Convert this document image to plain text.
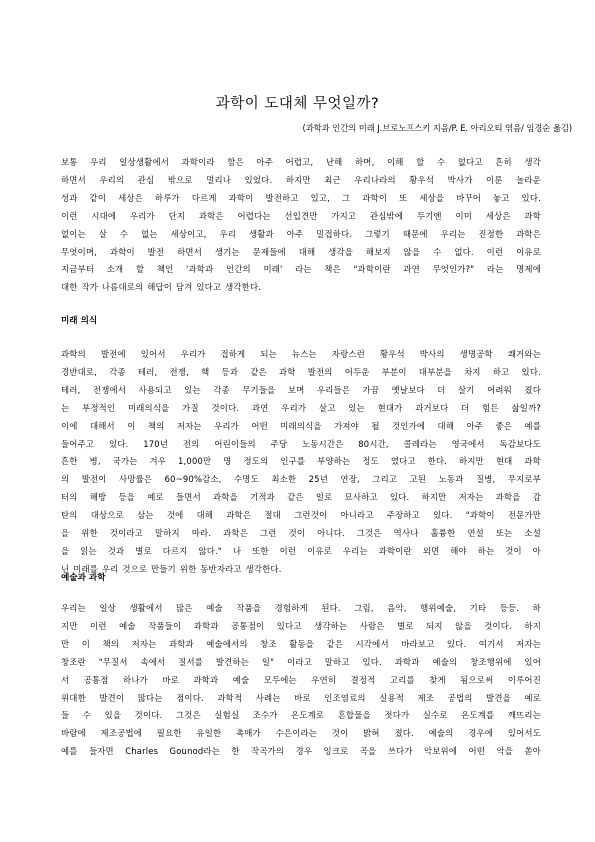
과학이 도대체 무엇일까?

(과학과 인간의 미래 J.브로노프스키 지음/P. E. 아리오티 엮음/ 임경순 옮김)

보통 우리 일상생활에서 과학이라 함은 아주 어렵고, 난해 하며, 이해 할 수 없다고 흔히 생각
하면서 우리의 관심 밖으로 멀리나 있었다. 하지만 최근 우리나라의 황우석 박사가 이룬 놀라운
성과 같이 세상은 하루가 다르게 과학이 발전하고 있고, 그 과학이 또 세상을 바꾸어 놓고 있다.
이런 시대에 우리가 단지 과학은 어렵다는 선입견만 가지고 관심밖에 두기엔 이미 세상은 과학
없이는 살 수 없는 세상이고, 우리 생활과 아주 밀접하다. 그렇기 때문에 우리는 진정한 과학은
무엇이며, 과학이 발전 하면서 생기는 문제들에 대해 생각을 해보지 않을 수 없다. 이런 이유로
지금부터 소개 할 책인 '과학과 인간의 미래' 라는 책은 "과학이란 과연 무엇인가?" 라는 명제에
대한 작가 나름대로의 해답이 담겨 있다고 생각한다.
미래 의식
과학의 발전에 있어서 우리가 접하게 되는 뉴스는 자랑스런 황우석 박사의 생명공학 쾌거와는
경반대로, 각종 테러, 전쟁, 핵 등과 같은 과학 발전의 어두운 부분이 대부분을 차지 하고 있다.
테러, 전쟁에서 사용되고 있는 각종 무기들을 보며 우리들은 가끔 옛날보다 더 살기 어려워 졌다
는 부정적인 미래의식을 가질 것이다. 과연 우리가 살고 있는 현대가 과거보다 더 힘든 삶일까?
이에 대해서 이 책의 저자는 우리가 어떤 미래의식을 가져야 될 것인가에 대해 아주 좋은 예를
들어주고 있다. 170년 전의 어린이들의 주당 노동시간은 80시간, 콜레라는 영국에서 독감보다도
흔한 병, 국가는 겨우 1,000만 명 정도의 인구를 부양하는 정도 였다고 한다. 하지만 현대 과학
의 발전이 사망률은 60~90%감소, 수명도 최소한 25년 연장, 그리고 고된 노동과 질병, 무지로부
터의 해방 등을 예로 들면서 과학을 기적과 같은 일로 묘사하고 있다. 하지만 저자는 과학을 감
탄의 대상으로 삼는 것에 대해 과학은 절대 그런것이 아니라고 주장하고 있다. "과학이 전문가만
을 위한 것이라고 말하지 마라. 과학은 그런 것이 아니다. 그것은 역사나 훌륭한 연설 또는 소설
을 읽는 것과 별로 다르지 않다." 나 또한 이런 이유로 우리는 과학이란 외면 해야 하는 것이 아
닌 미래를 우리 것으로 만들기 위한 동반자라고 생각한다.
예술과 과학
우리는 일상 생활에서 많은 예술 작품을 경험하게 된다. 그림, 음악, 행위예술, 기타 등등. 하
지만 이런 예술 작품들이 과학과 공통점이 있다고 생각하는 사람은 별로 되지 않을 것이다. 하지
만 이 책의 저자는 과학과 예술에서의 창조 활동을 같은 시각에서 바라보고 있다. 여기서 저자는
창조란 "무질서 속에서 질서를 발견하는 일" 이라고 말하고 있다. 과학과 예술의 창조행위에 있어
서 공통점 하나가 바로 과학과 예술 모두에는 우연히 결정적 고리를 찾게 됨으로써 이루어진
위대한 발견이 많다는 점이다. 과학적 사례는 바로 인조염료의 실용적 제조 공법의 발견을 예로
들 수 있을 것이다. 그것은 실험실 조수가 온도계로 혼합물을 젓다가 실수로 온도계를 깨뜨리는
바람에 제조공법에 필요한 유일한 촉매가 수은이라는 것이 밝혀 졌다. 예술의 경우에 있어서도
예를 들자면 Charles Gounod라는 한 작곡가의 경우 잉크로 곡을 쓰다가 악보위에 어떤 악을 쏟아
